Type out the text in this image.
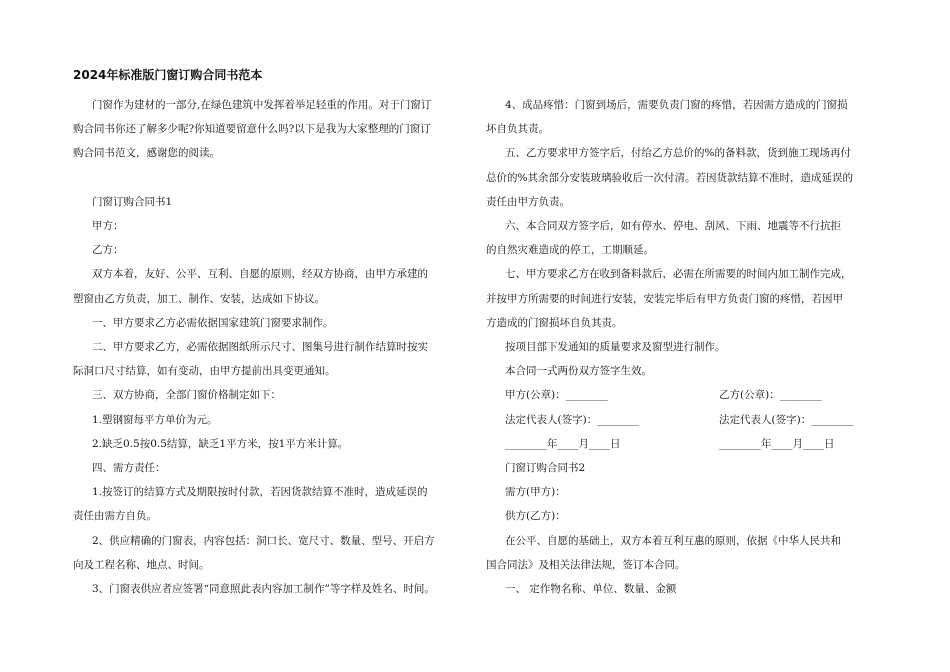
2024年标准版门窗订购合同书范本
门窗作为建材的一部分,在绿色建筑中发挥着举足轻重的作用。对于门窗订
购合同书你还了解多少呢?你知道要留意什么吗?以下是我为大家整理的门窗订
购合同书范文，感谢您的阅读。
门窗订购合同书1
甲方：
乙方：
双方本着，友好、公平、互利、自愿的原则，经双方协商，由甲方承建的
塑窗由乙方负责，加工、制作、安装，达成如下协议。
一、甲方要求乙方必需依据国家建筑门窗要求制作。
二、甲方要求乙方，必需依据图纸所示尺寸、图集号进行制作结算时按实
际洞口尺寸结算，如有变动，由甲方提前出具变更通知。
三、双方协商，全部门窗价格制定如下：
1.塑钢窗每平方单价为元。
2.缺乏0.5按0.5结算，缺乏1平方米，按1平方米计算。
四、需方责任：
1.按签订的结算方式及期限按时付款，若因货款结算不准时，造成延误的
责任由需方自负。
2、供应精确的门窗表，内容包括：洞口长、宽尺寸、数量、型号、开启方
向及工程名称、地点、时间。
3、门窗表供应者应签署“同意照此表内容加工制作”等字样及姓名、时间。
4、成品疼惜：门窗到场后，需要负责门窗的疼惜，若因需方造成的门窗损
坏自负其责。
五、乙方要求甲方签字后，付给乙方总价的%的备料款，货到施工现场再付
总价的%其余部分安装玻璃验收后一次付清。若因货款结算不准时，造成延误的
责任由甲方负责。
六、本合同双方签字后，如有停水、停电、刮风、下雨、地震等不行抗拒
的自然灾难造成的停工，工期顺延。
七、甲方要求乙方在收到备料款后，必需在所需要的时间内加工制作完成，
并按甲方所需要的时间进行安装，安装完毕后有甲方负责门窗的疼惜，若因甲
方造成的门窗损坏自负其责。
按项目部下发通知的质量要求及窗型进行制作。
本合同一式两份双方签字生效。
甲方(公章)：________	乙方(公章)：________
法定代表人(签字)：________	法定代表人(签字)：________
________年____月____日	________年____月____日
门窗订购合同书2
需方(甲方)：
供方(乙方)：
在公平、自愿的基础上，双方本着互利互惠的原则，依据《中华人民共和
国合同法》及相关法律法规，签订本合同。
一、 定作物名称、单位、数量、金额
